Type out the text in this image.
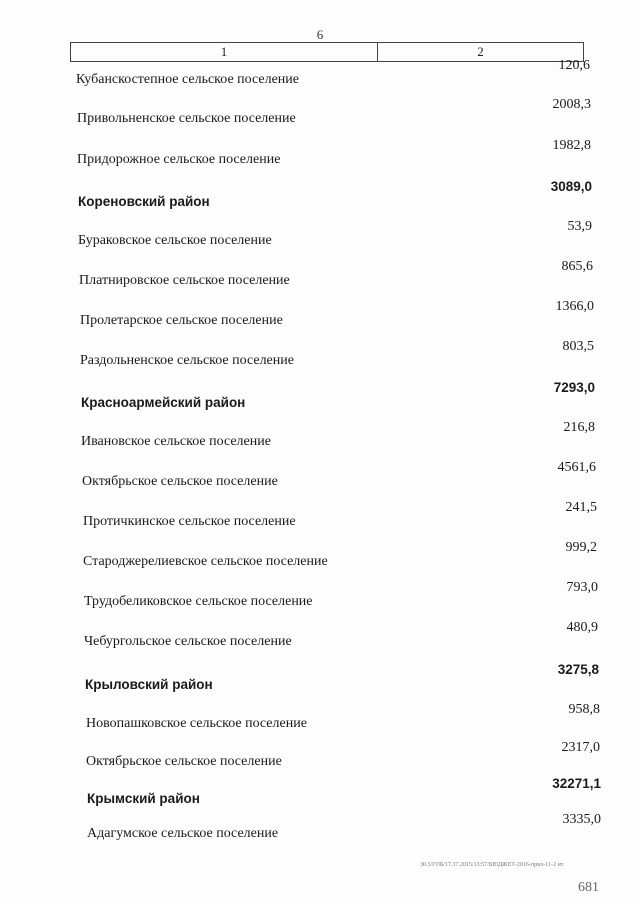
6
1	2
Кубанскостепное сельское поселение
120,6
Привольненское сельское поселение
2008,3
Придорожное сельское поселение
1982,8
Кореновский район
3089,0
Бураковское сельское поселение
53,9
Платнировское сельское поселение
865,6
Пролетарское сельское поселение
1366,0
Раздольненское сельское поселение
803,5
Красноармейский район
7293,0
Ивановское сельское поселение
216,8
Октябрьское сельское поселение
4561,6
Протичкинское сельское поселение
241,5
Староджерелиевское сельское поселение
999,2
Трудобеликовское сельское поселение
793,0
Чебургольское сельское поселение
480,9
Крыловский район
3275,8
Новопашковское сельское поселение
958,8
Октябрьское сельское поселение
2317,0
Крымский район
32271,1
Адагумское сельское поселение
3335,0
30.3/ГОБ/17.37.2015/13:57/БЮДЖЕТ-2016-прил-11-2 нт
681
